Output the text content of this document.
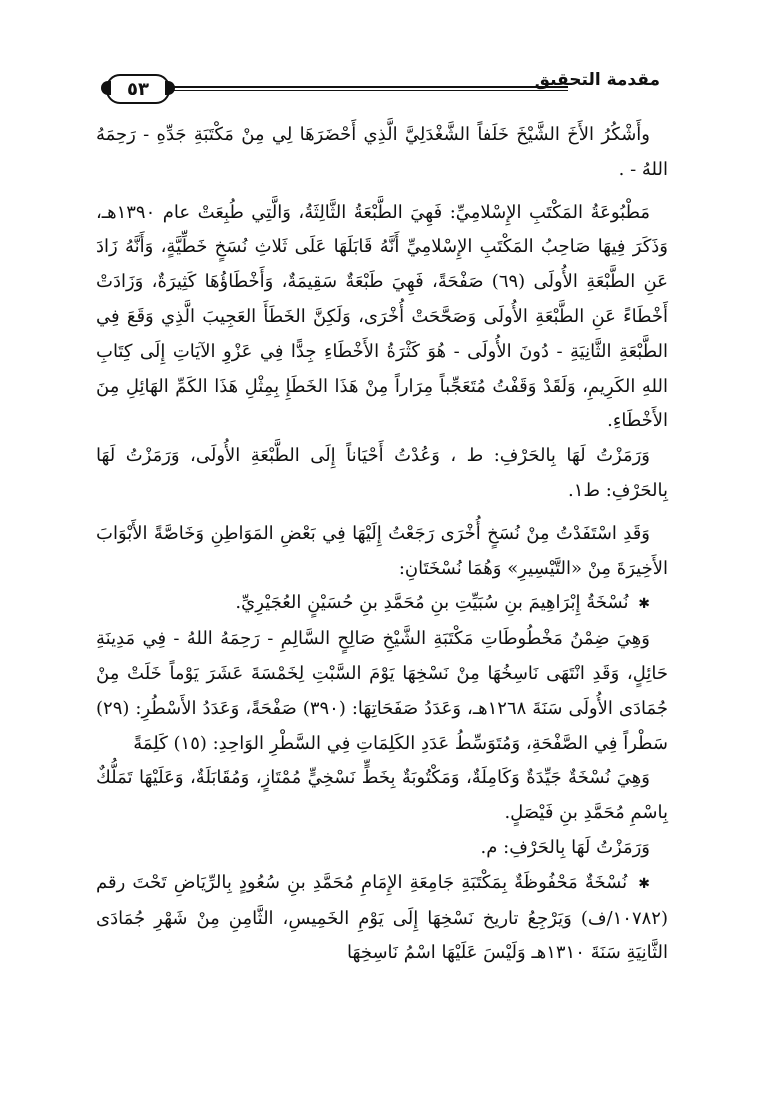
٥٣	مقدمة التحقيق

وأَشْكُرُ الأَخَ الشَّيْخَ خَلَفاً الشَّغْدَلِيَّ الَّذِي أَحْضَرَهَا لِي مِنْ مَكْتَبَةِ جَدِّهِ - رَحِمَهُ اللهُ - .

مَطْبُوعَةُ المَكْتَبِ الإِسْلامِيِّ: فَهِيَ الطَّبْعَةُ الثَّالِثَةُ، وَالَّتِي طُبِعَتْ عام ١٣٩٠هـ، وَذَكَرَ فِيهَا صَاحِبُ المَكْتَبِ الإِسْلامِيِّ أَنَّهُ قَابَلَهَا عَلَى ثَلاثِ نُسَخٍ خَطِّيَّةٍ، وَأَنَّهُ زَادَ عَنِ الطَّبْعَةِ الأُولَى (٦٩) صَفْحَةً، فَهِيَ طَبْعَةٌ سَقِيمَةٌ، وَأَخْطَاؤُهَا كَثِيرَةٌ، وَزَادَتْ أَخْطَاءً عَنِ الطَّبْعَةِ الأُولَى وَصَحَّحَتْ أُخْرَى، وَلَكِنَّ الخَطَأَ العَجِيبَ الَّذِي وَقَعَ فِي الطَّبْعَةِ الثَّانِيَةِ - دُونَ الأُولَى - هُوَ كَثْرَةُ الأَخْطَاءِ جِدًّا فِي عَزْوِ الآيَاتِ إِلَى كِتَابِ اللهِ الكَرِيمِ، وَلَقَدْ وَقَفْتُ مُتَعَجِّباً مِرَاراً مِنْ هَذَا الخَطَإِ بِمِثْلِ هَذَا الكَمِّ الهَائِلِ مِنَ الأَخْطَاءِ.

وَرَمَزْتُ لَهَا بِالحَرْفِ: ط ، وَعُدْتُ أَحْيَاناً إِلَى الطَّبْعَةِ الأُولَى، وَرَمَزْتُ لَهَا بِالحَرْفِ: ط١.

وَقَدِ اسْتَفَدْتُ مِنْ نُسَخٍ أُخْرَى رَجَعْتُ إِلَيْهَا فِي بَعْضِ المَوَاطِنِ وَخَاصَّةً الأَبْوَابَ الأَخِيرَةَ مِنْ «التَّيْسِيرِ» وَهُمَا نُسْخَتَانِ:

✱ نُسْخَةُ إِبْرَاهِيمَ بنِ سُبَيِّتِ بنِ مُحَمَّدِ بنِ حُسَيْنٍ العُجَيْرِيِّ.

وَهِيَ ضِمْنُ مَخْطُوطَاتِ مَكْتَبَةِ الشَّيْخِ صَالِحٍ السَّالِمِ - رَحِمَهُ اللهُ - فِي مَدِينَةِ حَائِلٍ، وَقَدِ انْتَهَى نَاسِخُهَا مِنْ نَسْخِهَا يَوْمَ السَّبْتِ لِخَمْسَةَ عَشَرَ يَوْماً خَلَتْ مِنْ جُمَادَى الأُولَى سَنَةَ ١٢٦٨هـ، وَعَدَدُ صَفَحَاتِهَا: (٣٩٠) صَفْحَةً، وَعَدَدُ الأَسْطُرِ: (٢٩) سَطْراً فِي الصَّفْحَةِ، وَمُتَوَسِّطُ عَدَدِ الكَلِمَاتِ فِي السَّطْرِ الوَاحِدِ: (١٥) كَلِمَةً

وَهِيَ نُسْخَةٌ جَيِّدَةٌ وَكَامِلَةٌ، وَمَكْتُوبَةٌ بِخَطٍّ نَسْخِيٍّ مُمْتَازٍ، وَمُقَابَلَةٌ، وَعَلَيْهَا تَمَلُّكٌ بِاسْمِ مُحَمَّدِ بنِ فَيْصَلٍ.

وَرَمَزْتُ لَهَا بِالحَرْفِ: م.

✱ نُسْخَةٌ مَحْفُوظَةٌ بِمَكْتَبَةِ جَامِعَةِ الإِمَامِ مُحَمَّدِ بنِ سُعُودٍ بِالرِّيَاضِ تَحْتَ رقم (١٠٧٨٢/ف) وَيَرْجِعُ تاريخ نَسْخِهَا إِلَى يَوْمِ الخَمِيسِ، الثَّامِنِ مِنْ شَهْرِ جُمَادَى الثَّانِيَةِ سَنَةَ ١٣١٠هـ وَلَيْسَ عَلَيْهَا اسْمُ نَاسِخِهَا
